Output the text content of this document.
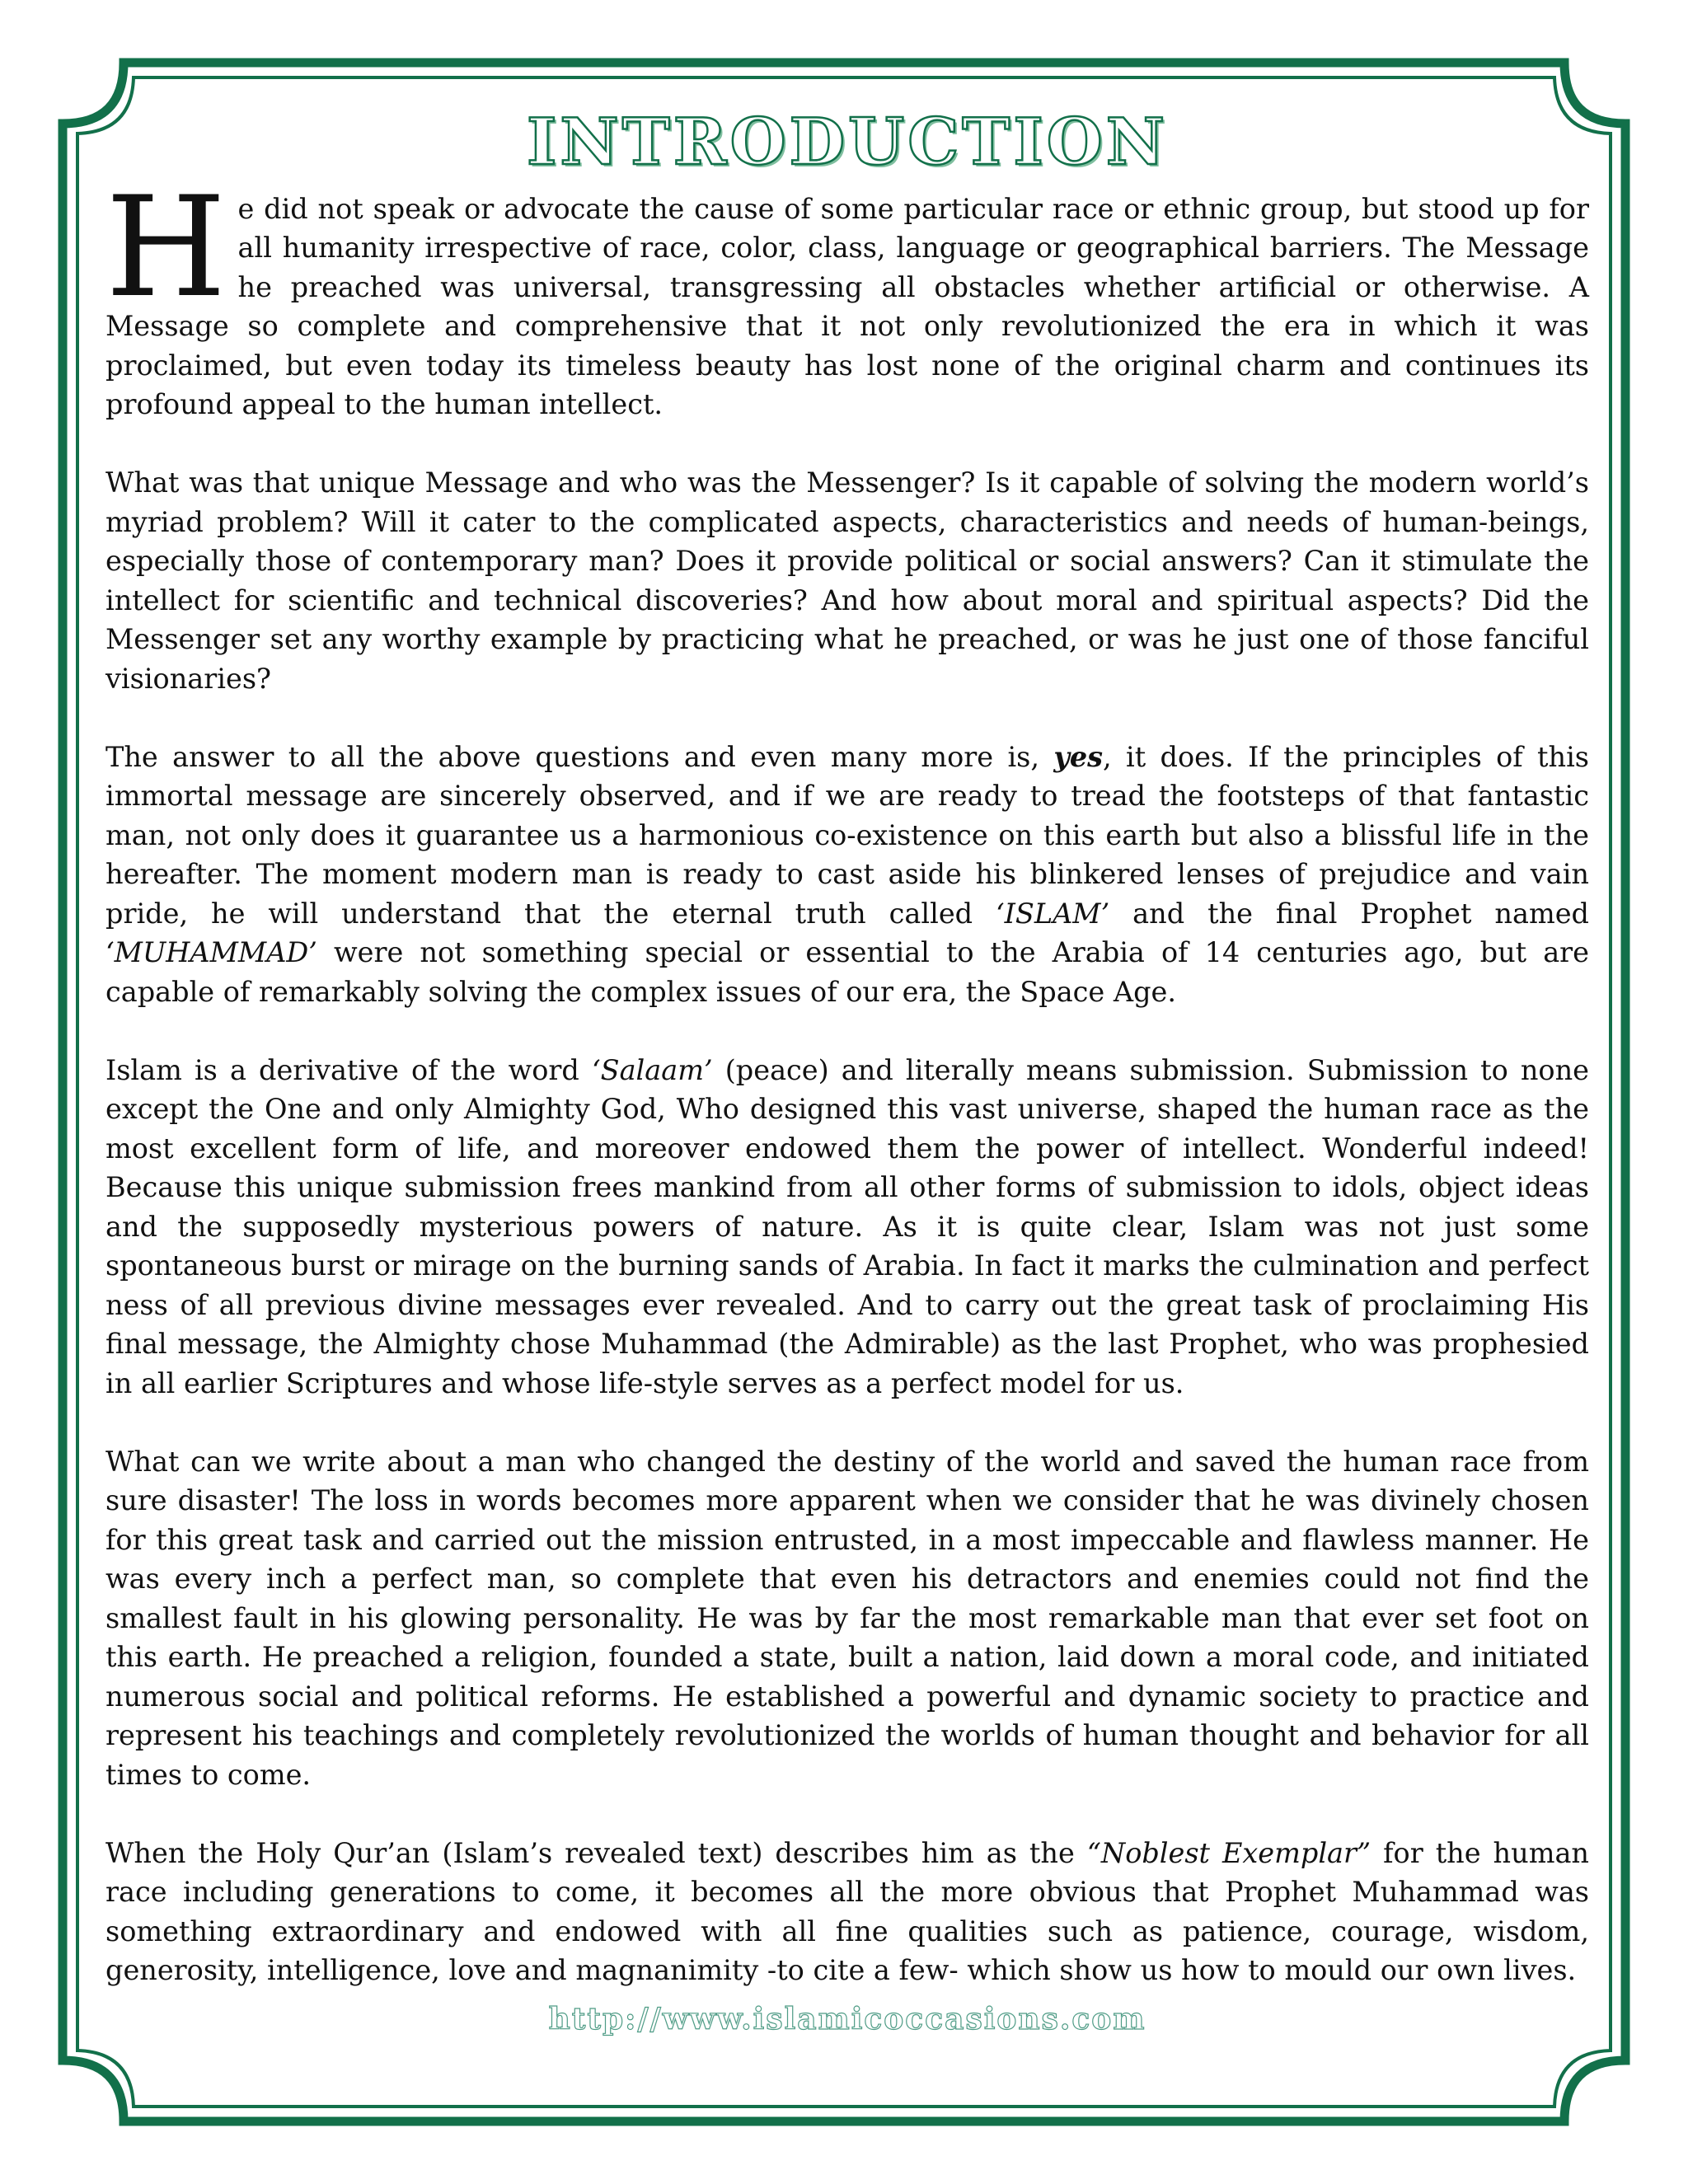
INTRODUCTION

He did not speak or advocate the cause of some particular race or ethnic group, but stood up for all humanity irrespective of race, color, class, language or geographical barriers. The Message he preached was universal, transgressing all obstacles whether artificial or otherwise. A Message so complete and comprehensive that it not only revolutionized the era in which it was proclaimed, but even today its timeless beauty has lost none of the original charm and continues its profound appeal to the human intellect.

What was that unique Message and who was the Messenger? Is it capable of solving the modern world’s myriad problem? Will it cater to the complicated aspects, characteristics and needs of human-beings, especially those of contemporary man? Does it provide political or social answers? Can it stimulate the intellect for scientific and technical discoveries? And how about moral and spiritual aspects? Did the Messenger set any worthy example by practicing what he preached, or was he just one of those fanciful visionaries?

The answer to all the above questions and even many more is, yes, it does. If the principles of this immortal message are sincerely observed, and if we are ready to tread the footsteps of that fantastic man, not only does it guarantee us a harmonious co-existence on this earth but also a blissful life in the hereafter. The moment modern man is ready to cast aside his blinkered lenses of prejudice and vain pride, he will understand that the eternal truth called ‘ISLAM’ and the final Prophet named ‘MUHAMMAD’ were not something special or essential to the Arabia of 14 centuries ago, but are capable of remarkably solving the complex issues of our era, the Space Age.

Islam is a derivative of the word ‘Salaam’ (peace) and literally means submission. Submission to none except the One and only Almighty God, Who designed this vast universe, shaped the human race as the most excellent form of life, and moreover endowed them the power of intellect. Wonderful indeed! Because this unique submission frees mankind from all other forms of submission to idols, object ideas and the supposedly mysterious powers of nature. As it is quite clear, Islam was not just some spontaneous burst or mirage on the burning sands of Arabia. In fact it marks the culmination and perfect ness of all previous divine messages ever revealed. And to carry out the great task of proclaiming His final message, the Almighty chose Muhammad (the Admirable) as the last Prophet, who was prophesied in all earlier Scriptures and whose life-style serves as a perfect model for us.

What can we write about a man who changed the destiny of the world and saved the human race from sure disaster! The loss in words becomes more apparent when we consider that he was divinely chosen for this great task and carried out the mission entrusted, in a most impeccable and flawless manner. He was every inch a perfect man, so complete that even his detractors and enemies could not find the smallest fault in his glowing personality. He was by far the most remarkable man that ever set foot on this earth. He preached a religion, founded a state, built a nation, laid down a moral code, and initiated numerous social and political reforms. He established a powerful and dynamic society to practice and represent his teachings and completely revolutionized the worlds of human thought and behavior for all times to come.

When the Holy Qur’an (Islam’s revealed text) describes him as the “Noblest Exemplar” for the human race including generations to come, it becomes all the more obvious that Prophet Muhammad was something extraordinary and endowed with all fine qualities such as patience, courage, wisdom, generosity, intelligence, love and magnanimity -to cite a few- which show us how to mould our own lives.

http://www.islamicoccasions.com
